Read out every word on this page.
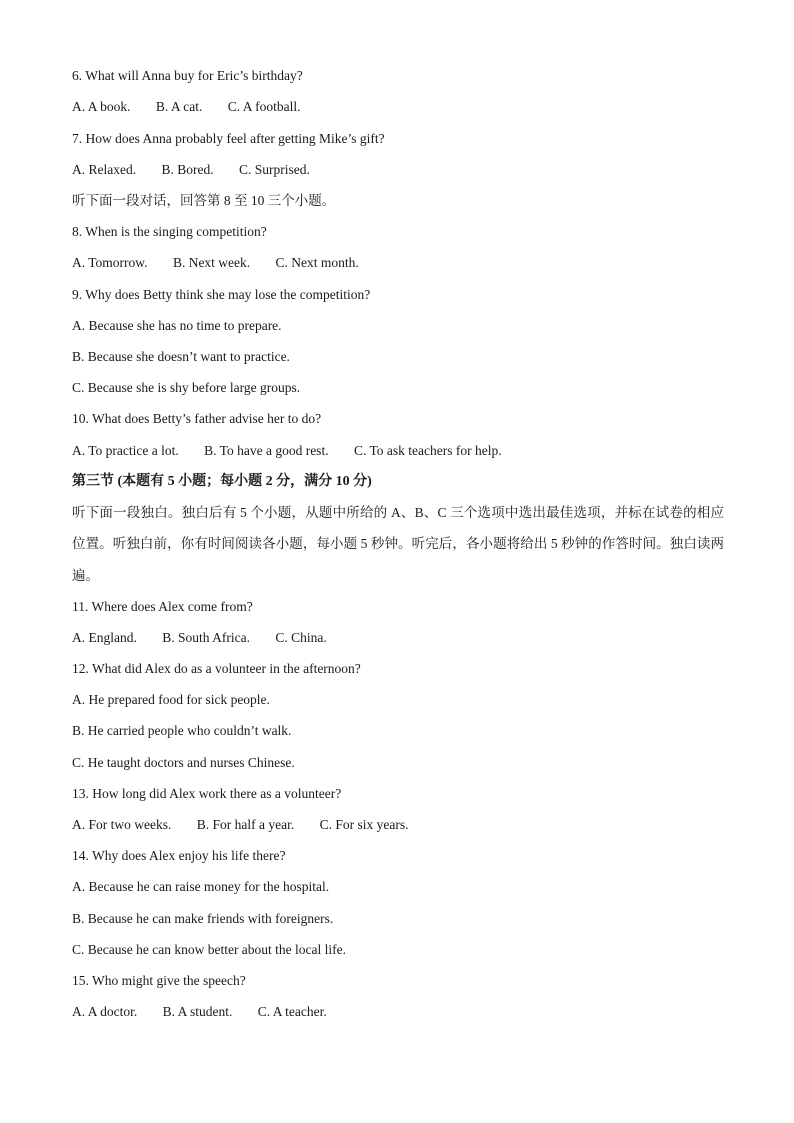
6. What will Anna buy for Eric’s birthday?
A. A book. B. A cat. C. A football.
7. How does Anna probably feel after getting Mike’s gift?
A. Relaxed. B. Bored. C. Surprised.
听下面一段对话，回答第 8 至 10 三个小题。
8. When is the singing competition?
A. Tomorrow. B. Next week. C. Next month.
9. Why does Betty think she may lose the competition?
A. Because she has no time to prepare.
B. Because she doesn’t want to practice.
C. Because she is shy before large groups.
10. What does Betty’s father advise her to do?
A. To practice a lot. B. To have a good rest. C. To ask teachers for help.
第三节 (本题有 5 小题；每小题 2 分，满分 10 分)
听下面一段独白。独白后有 5 个小题，从题中所给的 A、B、C 三个选项中选出最佳选项，并标在试卷的相应位置。听独白前，你有时间阅读各小题，每小题 5 秒钟。听完后，各小题将给出 5 秒钟的作答时间。独白读两遍。
11. Where does Alex come from?
A. England. B. South Africa. C. China.
12. What did Alex do as a volunteer in the afternoon?
A. He prepared food for sick people.
B. He carried people who couldn’t walk.
C. He taught doctors and nurses Chinese.
13. How long did Alex work there as a volunteer?
A. For two weeks. B. For half a year. C. For six years.
14. Why does Alex enjoy his life there?
A. Because he can raise money for the hospital.
B. Because he can make friends with foreigners.
C. Because he can know better about the local life.
15. Who might give the speech?
A. A doctor. B. A student. C. A teacher.
